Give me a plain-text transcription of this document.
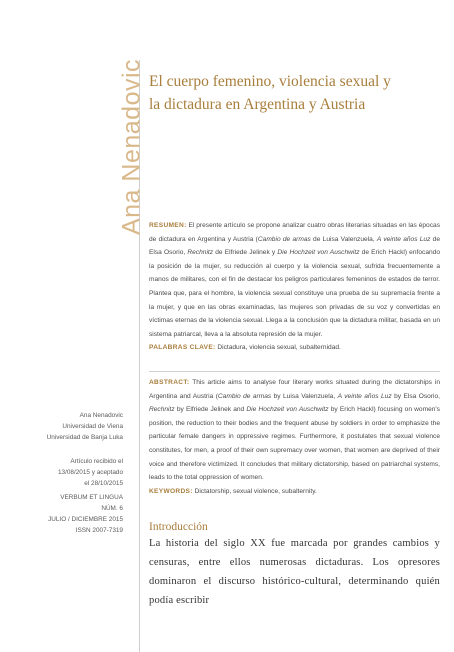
Ana Nenadovic El cuerpo femenino, violencia sexual y
la dictadura en Argentina y Austria
RESUMEN: El presente artículo se propone analizar cuatro obras literarias situadas en las épocas de dictadura en Argentina y Austria (Cambio de armas de Luisa Valenzuela, A veinte años Luz de Elsa Osorio, Rechnitz de Elfriede Jelinek y Die Hochzeit von Auschwitz de Erich Hackl) enfocando la posición de la mujer, su reducción al cuerpo y la violencia sexual, sufrida frecuentemente a manos de militares, con el fin de destacar los peligros particulares femeninos de estados de terror. Plantea que, para el hombre, la violencia sexual constituye una prueba de su supremacía frente a la mujer, y que en las obras examinadas, las mujeres son privadas de su voz y convertidas en víctimas eternas de la violencia sexual. Llega a la conclusión que la dictadura militar, basada en un sistema patriarcal, lleva a la absoluta represión de la mujer.
PALABRAS CLAVE: Dictadura, violencia sexual, subalternidad.
ABSTRACT: This article aims to analyse four literary works situated during the dictatorships in Argentina and Austria (Cambio de armas by Luisa Valenzuela, A veinte años Luz by Elsa Osorio, Rechnitz by Elfriede Jelinek and Die Hochzeit von Auschwitz by Erich Hackl) focusing on women's position, the reduction to their bodies and the frequent abuse by soldiers in order to emphasize the particular female dangers in oppressive regimes. Furthermore, it postulates that sexual violence constitutes, for men, a proof of their own supremacy over women, that women are deprived of their voice and therefore victimized. It concludes that military dictatorship, based on patriarchal systems, leads to the total oppression of women.
KEYWORDS: Dictatorship, sexual violence, subalternity.
Ana Nenadovic
Universidad de Viena
Universidad de Banja Luka
Artículo recibido el
13/08/2015 y aceptado
el 28/10/2015
VERBUM ET LINGUA
NÚM. 6
JULIO / DICIEMBRE 2015
ISSN 2007-7319 Introducción
La historia del siglo XX fue marcada por grandes cambios y censuras, entre ellos numerosas dictaduras. Los opresores dominaron el discurso histórico-cultural, determinando quién podía escribir
